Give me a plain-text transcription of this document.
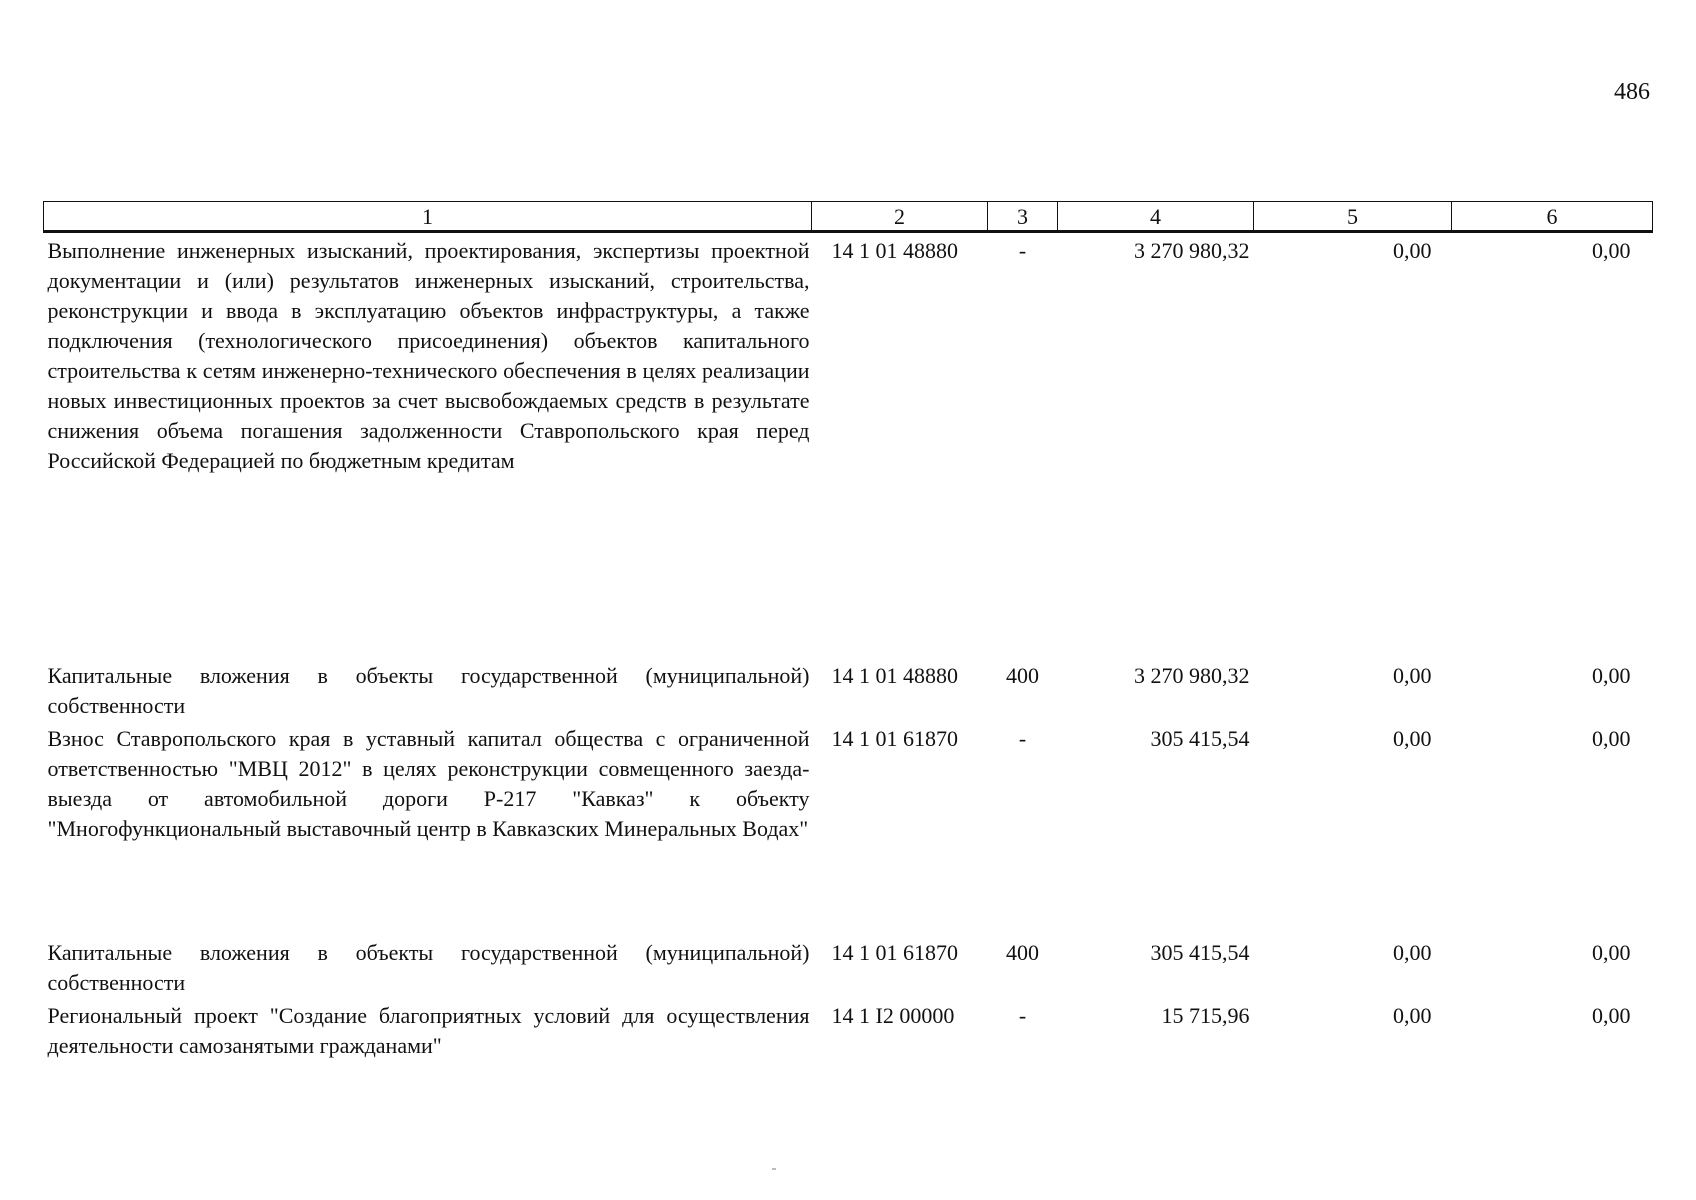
486
1	2	3	4	5	6
Выполнение инженерных изысканий, проектирования, экспертизы проектной документации и (или) результатов инженерных изысканий, строительства, реконструкции и ввода в эксплуатацию объектов инфраструктуры, а также подключения (технологического присоединения) объектов капитального строительства к сетям инженерно-технического обеспечения в целях реализации новых инвестиционных проектов за счет высвобождаемых средств в результате снижения объема погашения задолженности Ставропольского края перед Российской Федерацией по бюджетным кредитам	14 1 01 48880	-	3 270 980,32	0,00	0,00
Капитальные вложения в объекты государственной (муниципальной) собственности	14 1 01 48880	400	3 270 980,32	0,00	0,00
Взнос Ставропольского края в уставный капитал общества с ограниченной ответственностью "МВЦ 2012" в целях реконструкции совмещенного заезда-выезда от автомобильной дороги Р-217 "Кавказ" к объекту "Многофункциональный выставочный центр в Кавказских Минеральных Водах"	14 1 01 61870	-	305 415,54	0,00	0,00
Капитальные вложения в объекты государственной (муниципальной) собственности	14 1 01 61870	400	305 415,54	0,00	0,00
Региональный проект "Создание благоприятных условий для осуществления деятельности самозанятыми гражданами"	14 1 I2 00000	-	15 715,96	0,00	0,00
